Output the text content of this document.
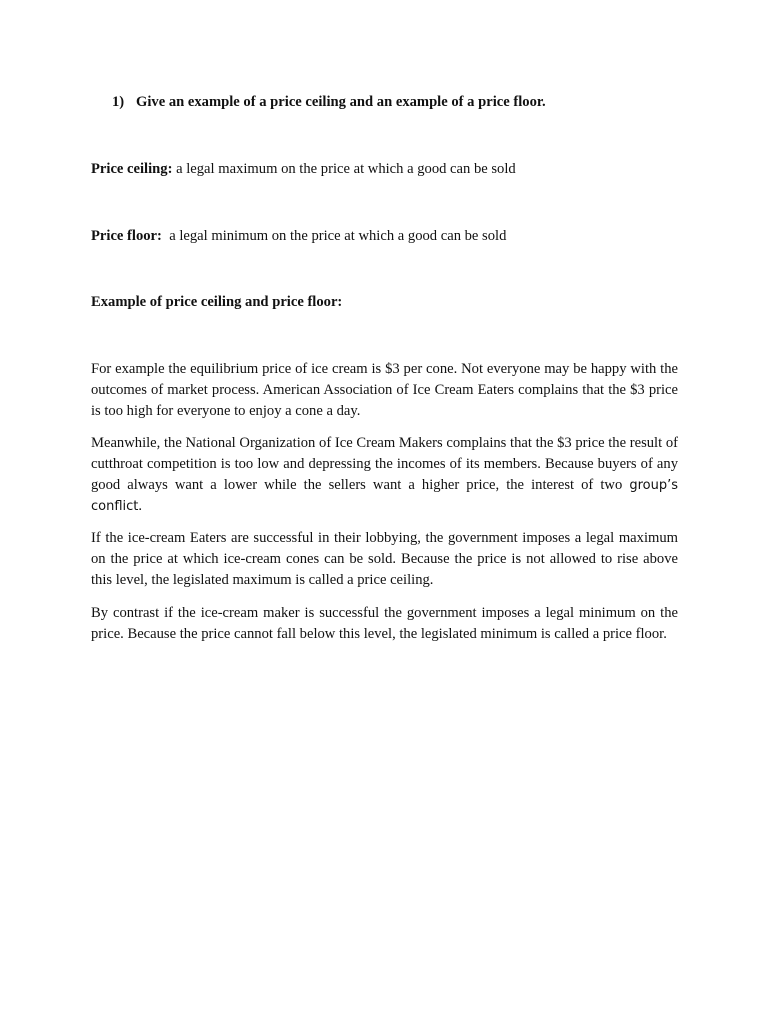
1) Give an example of a price ceiling and an example of a price floor.
Price ceiling: a legal maximum on the price at which a good can be sold
Price floor:  a legal minimum on the price at which a good can be sold
Example of price ceiling and price floor:

For example the equilibrium price of ice cream is $3 per cone. Not everyone may be happy with the outcomes of market process. American Association of Ice Cream Eaters complains that the $3 price is too high for everyone to enjoy a cone a day.

Meanwhile, the National Organization of Ice Cream Makers complains that the $3 price the result of cutthroat competition is too low and depressing the incomes of its members. Because buyers of any good always want a lower while the sellers want a higher price, the interest of two group’s conflict.

If the ice-cream Eaters are successful in their lobbying, the government imposes a legal maximum on the price at which ice-cream cones can be sold. Because the price is not allowed to rise above this level, the legislated maximum is called a price ceiling.

By contrast if the ice-cream maker is successful the government imposes a legal minimum on the price. Because the price cannot fall below this level, the legislated minimum is called a price floor.
